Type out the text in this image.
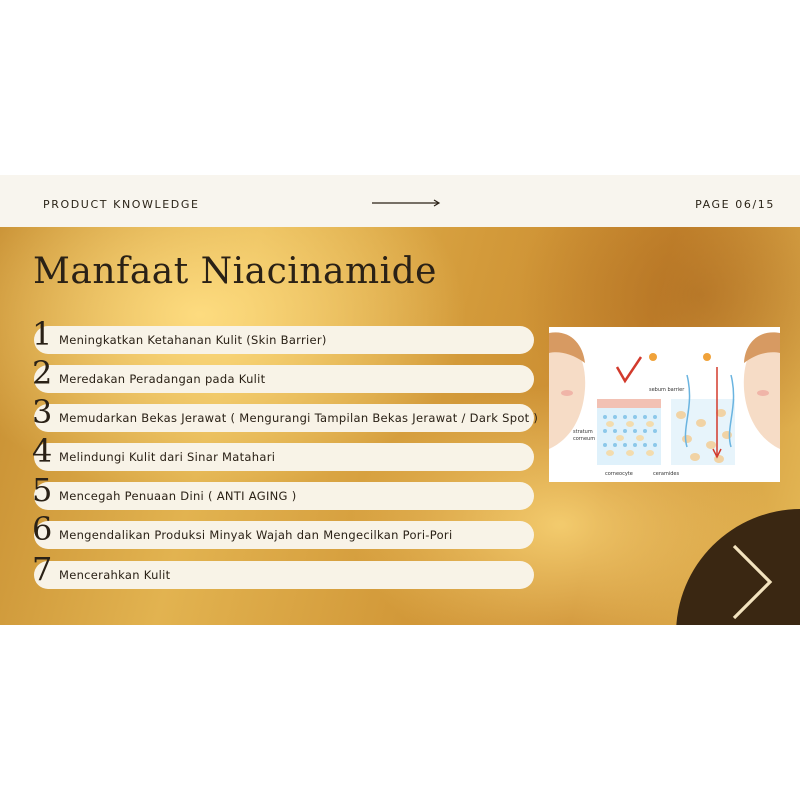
PRODUCT KNOWLEDGE	PAGE 06/15
Manfaat Niacinamide
1 Meningkatkan Ketahanan Kulit (Skin Barrier)
2 Meredakan Peradangan pada Kulit
3 Memudarkan Bekas Jerawat ( Mengurangi Tampilan Bekas Jerawat / Dark Spot )
4 Melindungi Kulit dari Sinar Matahari
5 Mencegah Penuaan Dini ( ANTI AGING )
6 Mengendalikan Produksi Minyak Wajah dan Mengecilkan Pori-Pori
7 Mencerahkan Kulit
sebum barrier
stratum
corneum
corneocyte	ceramides
